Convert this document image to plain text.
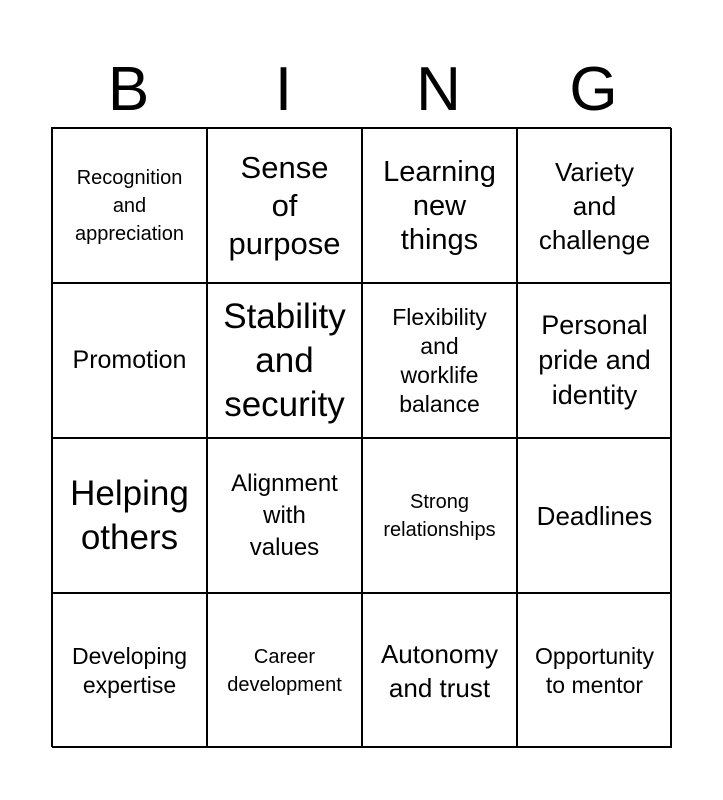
B	I	N	G
Recognition
and
appreciation
Sense
of
purpose
Learning
new
things
Variety
and
challenge
Promotion
Stability
and
security
Flexibility
and
worklife
balance
Personal
pride and
identity
Helping
others
Alignment
with
values
Strong
relationships Deadlines
Developing
expertise
Career
development
Autonomy
and trust
Opportunity
to mentor
